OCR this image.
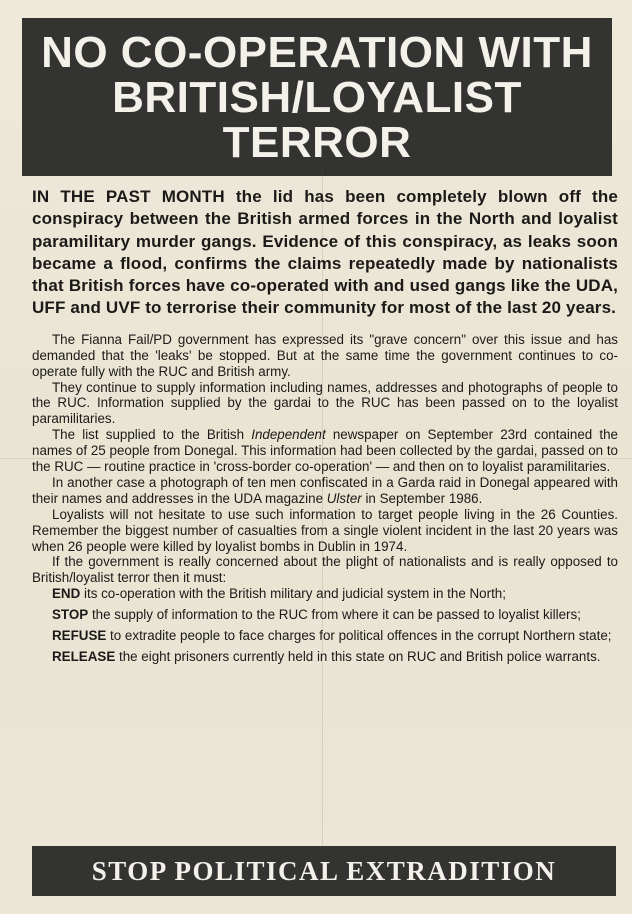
NO CO-OPERATION WITH
BRITISH/LOYALIST
TERROR

IN THE PAST MONTH the lid has been completely blown off the conspiracy between the British armed forces in the North and loyalist paramilitary murder gangs. Evidence of this conspiracy, as leaks soon became a flood, confirms the claims repeatedly made by nationalists that British forces have co-operated with and used gangs like the UDA, UFF and UVF to terrorise their community for most of the last 20 years.

The Fianna Fail/PD government has expressed its "grave concern" over this issue and has demanded that the 'leaks' be stopped. But at the same time the government continues to co-operate fully with the RUC and British army.

They continue to supply information including names, addresses and photographs of people to the RUC. Information supplied by the gardai to the RUC has been passed on to the loyalist paramilitaries.

The list supplied to the British Independent newspaper on September 23rd contained the names of 25 people from Donegal. This information had been collected by the gardai, passed on to the RUC — routine practice in 'cross-border co-operation' — and then on to loyalist paramilitaries.

In another case a photograph of ten men confiscated in a Garda raid in Donegal appeared with their names and addresses in the UDA magazine Ulster in September 1986.

Loyalists will not hesitate to use such information to target people living in the 26 Counties. Remember the biggest number of casualties from a single violent incident in the last 20 years was when 26 people were killed by loyalist bombs in Dublin in 1974.

If the government is really concerned about the plight of nationalists and is really opposed to British/loyalist terror then it must:

END its co-operation with the British military and judicial system in the North;

STOP the supply of information to the RUC from where it can be passed to loyalist killers;

REFUSE to extradite people to face charges for political offences in the corrupt Northern state;

RELEASE the eight prisoners currently held in this state on RUC and British police warrants.

STOP POLITICAL EXTRADITION
